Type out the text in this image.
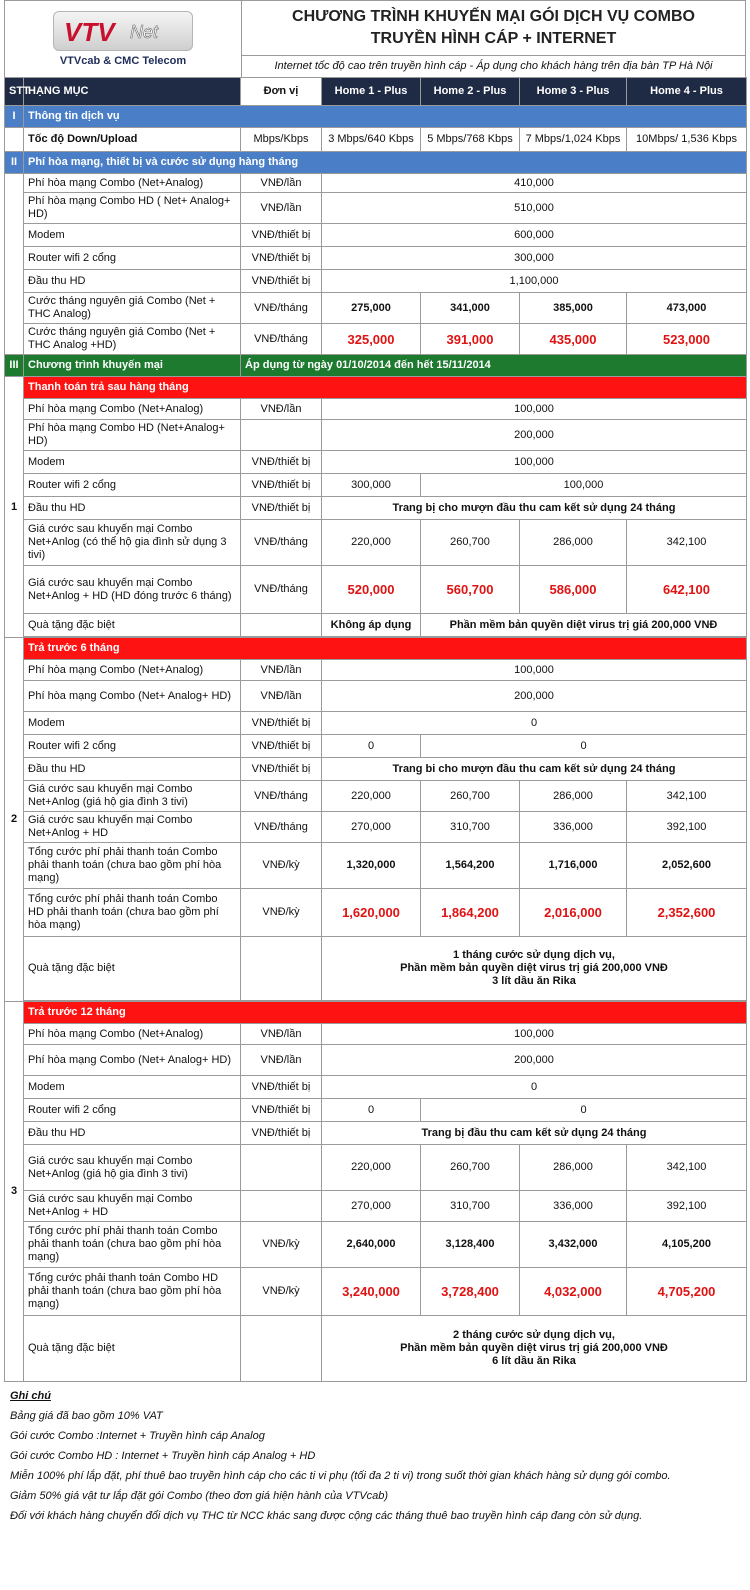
VTV Net
VTVcab & CMC Telecom
CHƯƠNG TRÌNH KHUYẾN MẠI GÓI DỊCH VỤ COMBO
TRUYỀN HÌNH CÁP + INTERNET
Internet tốc độ cao trên truyền hình cáp - Áp dụng cho khách hàng trên địa bàn TP Hà Nội
STT	HẠNG MỤC	Đơn vị	Home 1 - Plus	Home 2 - Plus	Home 3 - Plus	Home 4 - Plus
I	Thông tin dịch vụ					
	Tốc độ Down/Upload	Mbps/Kbps	3 Mbps/640 Kbps	5 Mbps/768 Kbps	7 Mbps/1,024 Kbps	10Mbps/ 1,536 Kbps
II	Phí hòa mạng, thiết bị và cước sử dụng hàng tháng					
	Phí hòa mạng Combo (Net+Analog)	VNĐ/lần	410,000			
	Phí hòa mạng Combo HD ( Net+ Analog+ HD)	VNĐ/lần	510,000			
	Modem	VNĐ/thiết bị	600,000			
	Router wifi 2 cổng	VNĐ/thiết bị	300,000			
	Đầu thu HD	VNĐ/thiết bị	1,100,000			
	Cước tháng nguyên giá Combo (Net + THC Analog)	VNĐ/tháng	275,000	341,000	385,000	473,000
	Cước tháng nguyên giá Combo (Net + THC Analog +HD)	VNĐ/tháng	325,000	391,000	435,000	523,000
III	Chương trình khuyến mại	Áp dụng từ ngày 01/10/2014 đến hết 15/11/2014				
1	Thanh toán trả sau hàng tháng					
	Phí hòa mạng Combo (Net+Analog)	VNĐ/lần	100,000			
	Phí hòa mạng Combo HD (Net+Analog+ HD)		200,000			
	Modem	VNĐ/thiết bị	100,000			
	Router wifi 2 cổng	VNĐ/thiết bị	300,000	100,000		
	Đầu thu HD	VNĐ/thiết bị	Trang bị cho mượn đầu thu cam kết sử dụng 24 tháng			
	Giá cước sau khuyến mại Combo Net+Anlog (có thể hộ gia đình sử dụng 3 tivi)	VNĐ/tháng	220,000	260,700	286,000	342,100
	Giá cước sau khuyến mại Combo Net+Anlog + HD (HD đóng trước 6 tháng)	VNĐ/tháng	520,000	560,700	586,000	642,100
	Quà tặng đặc biệt		Không áp dụng	Phần mềm bản quyền diệt virus trị giá 200,000 VNĐ		

2	Trả trước 6 tháng					
	Phí hòa mạng Combo (Net+Analog)	VNĐ/lần	100,000			
	Phí hòa mạng Combo (Net+ Analog+ HD)	VNĐ/lần	200,000			
	Modem	VNĐ/thiết bị	0			
	Router wifi 2 cổng	VNĐ/thiết bị	0	0		
	Đầu thu HD	VNĐ/thiết bị	Trang bi cho mượn đầu thu cam kết sử dụng 24 tháng			
	Giá cước sau khuyến mại Combo Net+Anlog (giá hộ gia đình 3 tivi)	VNĐ/tháng	220,000	260,700	286,000	342,100
	Giá cước sau khuyến mại Combo Net+Anlog + HD	VNĐ/tháng	270,000	310,700	336,000	392,100
	Tổng cước phí phải thanh toán Combo phải thanh toán (chưa bao gồm phí hòa mạng)	VNĐ/kỳ	1,320,000	1,564,200	1,716,000	2,052,600
	Tổng cước phí phải thanh toán Combo HD phải thanh toán (chưa bao gồm phí hòa mạng)	VNĐ/kỳ	1,620,000	1,864,200	2,016,000	2,352,600
	Quà tặng đặc biệt		1 tháng cước sử dụng dịch vụ,
Phần mềm bản quyền diệt virus trị giá 200,000 VNĐ
3 lít dầu ăn Rika			

3	Trả trước 12 tháng					
	Phí hòa mạng Combo (Net+Analog)	VNĐ/lần	100,000			
	Phí hòa mạng Combo (Net+ Analog+ HD)	VNĐ/lần	200,000			
	Modem	VNĐ/thiết bị	0			
	Router wifi 2 cổng	VNĐ/thiết bị	0	0		
	Đầu thu HD	VNĐ/thiết bị	Trang bị đầu thu cam kết sử dụng 24 tháng			
	Giá cước sau khuyến mại Combo Net+Anlog (giá hộ gia đình 3 tivi)		220,000	260,700	286,000	342,100
	Giá cước sau khuyến mại Combo Net+Anlog + HD		270,000	310,700	336,000	392,100
	Tổng cước phí phải thanh toán Combo phải thanh toán (chưa bao gồm phí hòa mạng)	VNĐ/kỳ	2,640,000	3,128,400	3,432,000	4,105,200
	Tổng cước phải thanh toán Combo HD phải thanh toán (chưa bao gồm phí hòa mạng)	VNĐ/kỳ	3,240,000	3,728,400	4,032,000	4,705,200
	Quà tặng đặc biệt		2 tháng cước sử dụng dịch vụ,
Phần mềm bản quyền diệt virus trị giá 200,000 VNĐ
6 lít dầu ăn Rika			
Ghi chú
Bảng giá đã bao gồm 10% VAT
Gói cước Combo :Internet + Truyền hình cáp Analog
Gói cước Combo HD : Internet + Truyền hình cáp Analog + HD
Miễn 100% phí lắp đặt, phí thuê bao truyền hình cáp cho các ti vi phụ (tối đa 2 ti vi) trong suốt thời gian khách hàng sử dụng gói combo.
Giảm 50% giá vật tư lắp đặt gói Combo (theo đơn giá hiện hành của VTVcab)
Đối với khách hàng chuyển đổi dịch vụ THC từ NCC khác sang được cộng các tháng thuê bao truyền hình cáp đang còn sử dụng.
